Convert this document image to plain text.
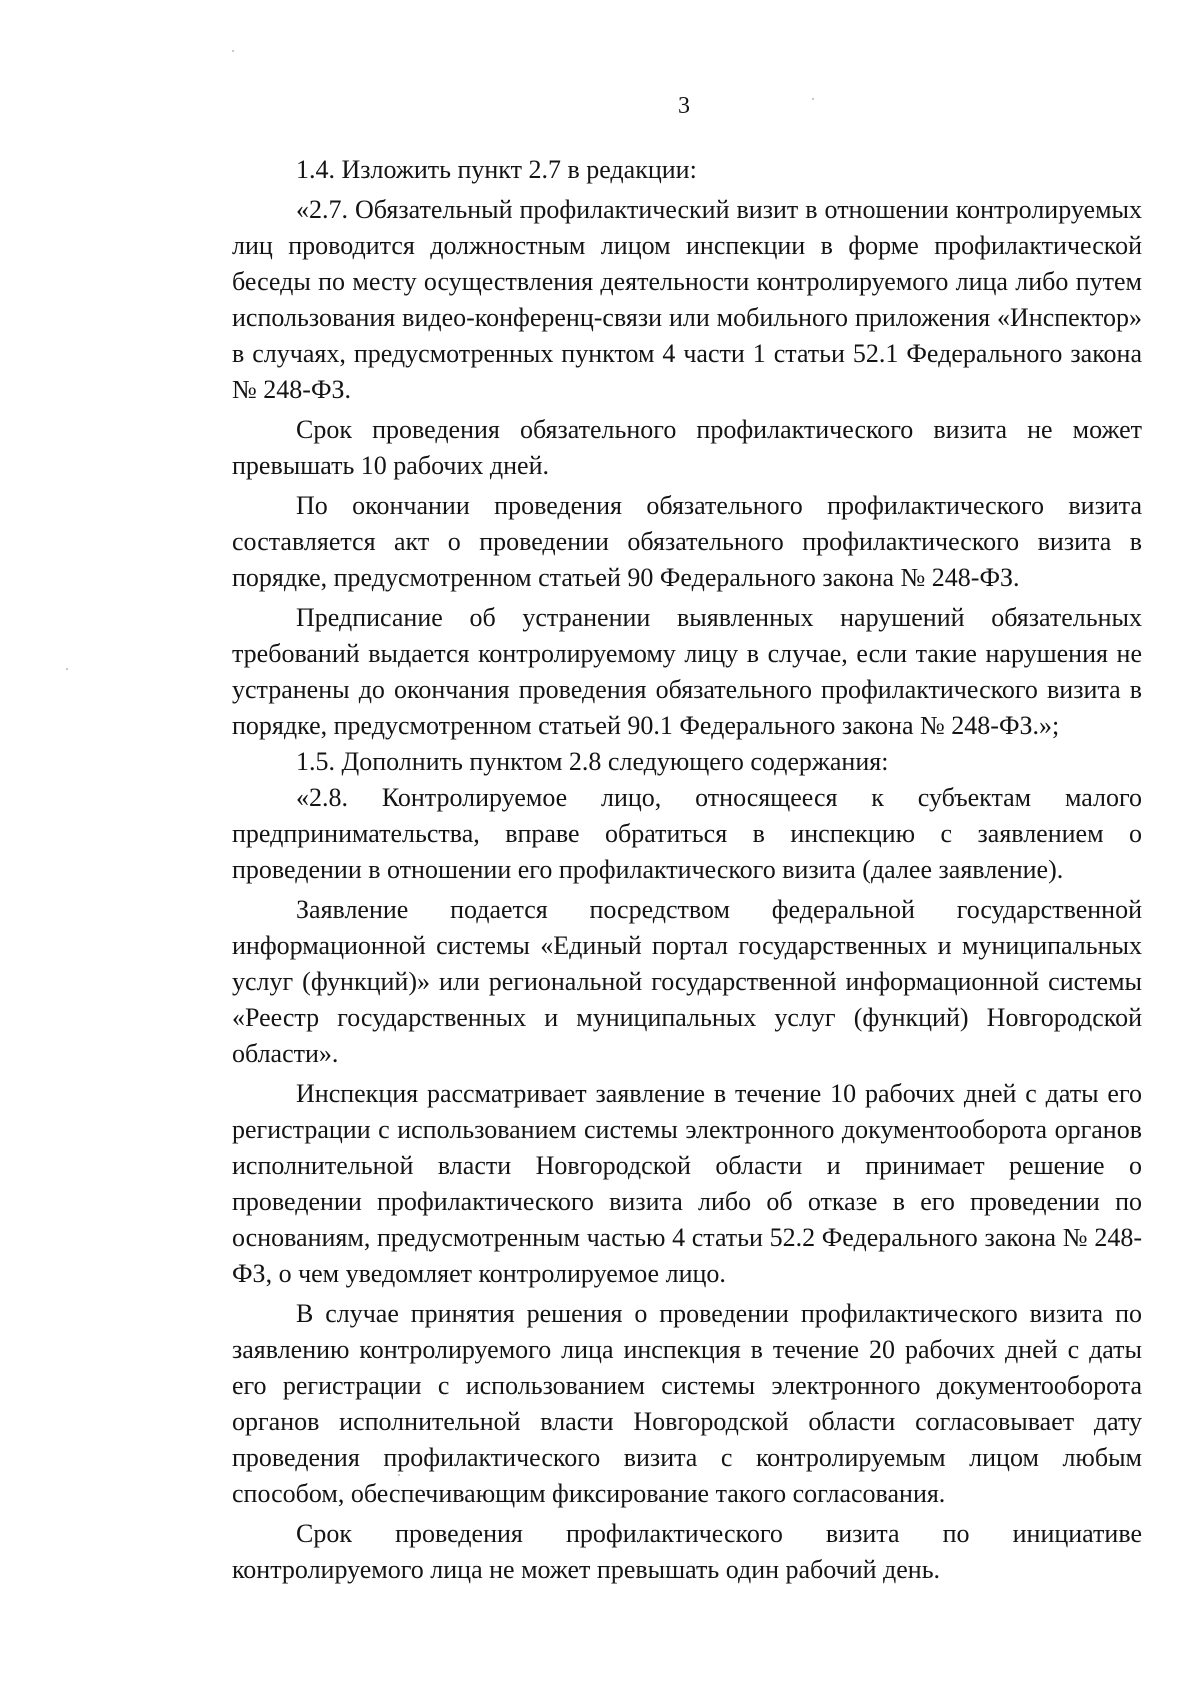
3

1.4. Изложить пункт 2.7 в редакции:

«2.7. Обязательный профилактический визит в отношении контролируемых лиц проводится должностным лицом инспекции в форме профилактической беседы по месту осуществления деятельности контролируемого лица либо путем использования видео-конференц-связи или мобильного приложения «Инспектор» в случаях, предусмотренных пунктом 4 части 1 статьи 52.1 Федерального закона № 248-ФЗ.

Срок проведения обязательного профилактического визита не может превышать 10 рабочих дней.

По окончании проведения обязательного профилактического визита составляется акт о проведении обязательного профилактического визита в порядке, предусмотренном статьей 90 Федерального закона № 248-ФЗ.

Предписание об устранении выявленных нарушений обязательных требований выдается контролируемому лицу в случае, если такие нарушения не устранены до окончания проведения обязательного профилактического визита в порядке, предусмотренном статьей 90.1 Федерального закона № 248-ФЗ.»;

1.5. Дополнить пунктом 2.8 следующего содержания:

«2.8. Контролируемое лицо, относящееся к субъектам малого предпринимательства, вправе обратиться в инспекцию с заявлением о проведении в отношении его профилактического визита (далее заявление).

Заявление подается посредством федеральной государственной информационной системы «Единый портал государственных и муниципальных услуг (функций)» или региональной государственной информационной системы «Реестр государственных и муниципальных услуг (функций) Новгородской области».

Инспекция рассматривает заявление в течение 10 рабочих дней с даты его регистрации с использованием системы электронного документооборота органов исполнительной власти Новгородской области и принимает решение о проведении профилактического визита либо об отказе в его проведении по основаниям, предусмотренным частью 4 статьи 52.2 Федерального закона № 248-ФЗ, о чем уведомляет контролируемое лицо.

В случае принятия решения о проведении профилактического визита по заявлению контролируемого лица инспекция в течение 20 рабочих дней с даты его регистрации с использованием системы электронного документооборота органов исполнительной власти Новгородской области согласовывает дату проведения профилактического визита с контролируемым лицом любым способом, обеспечивающим фиксирование такого согласования.

Срок проведения профилактического визита по инициативе контролируемого лица не может превышать один рабочий день.
